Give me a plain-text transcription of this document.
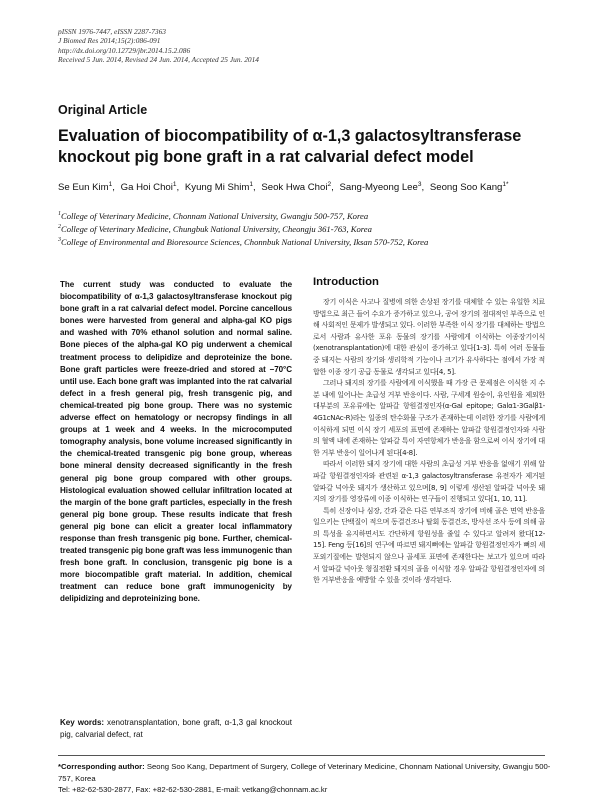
pISSN 1976-7447, eISSN 2287-7363
J Biomed Res 2014;15(2):086-091
http://dx.doi.org/10.12729/jbr.2014.15.2.086
Received 5 Jun. 2014, Revised 24 Jun. 2014, Accepted 25 Jun. 2014
Original Article
Evaluation of biocompatibility of α-1,3 galactosyltransferase knockout pig bone graft in a rat calvarial defect model
Se Eun Kim$^1$, Ga Hoi Choi$^1$, Kyung Mi Shim$^1$, Seok Hwa Choi$^2$, Sang-Myeong Lee$^3$, Seong Soo Kang$^{1*}$
$^1$College of Veterinary Medicine, Chonnam National University, Gwangju 500-757, Korea
$^2$College of Veterinary Medicine, Chungbuk National University, Cheongju 361-763, Korea
$^3$College of Environmental and Bioresource Sciences, Chonnbuk National University, Iksan 570-752, Korea
The current study was conducted to evaluate the biocompatibility of α-1,3 galactosyltransferase knockout pig bone graft in a rat calvarial defect model. Porcine cancellous bones were harvested from general and alpha-gal KO pigs and washed with 70% ethanol solution and normal saline. Bone pieces of the alpha-gal KO pig underwent a chemical treatment process to delipidize and deproteinize the bone. Bone graft particles were freeze-dried and stored at −70°C until use. Each bone graft was implanted into the rat calvarial defect in a fresh general pig, fresh transgenic pig, and chemical-treated pig bone group. There was no systemic adverse effect on hematology or necropsy findings in all groups at 1 week and 4 weeks. In the microcomputed tomography analysis, bone volume increased significantly in the chemical-treated transgenic pig bone group, whereas bone mineral density decreased significantly in the fresh general pig bone group compared with other groups. Histological evaluation showed cellular infiltration located at the margin of the bone graft particles, especially in the fresh general pig bone group. These results indicate that fresh general pig bone can elicit a greater local inflammatory response than fresh transgenic pig bone. Further, chemical-treated transgenic pig bone graft was less immunogenic than fresh bone graft. In conclusion, transgenic pig bone is a more biocompatible graft material. In addition, chemical treatment can reduce bone graft immunogenicity by delipidizing and deproteinizing bone.
Key words: xenotransplantation, bone graft, α-1,3 gal knockout pig, calvarial defect, rat
Introduction

장기 이식은 사고나 질병에 의한 손상된 장기를 대체할 수 있는 유일한 치료 방법으로 최근 들어 수요가 증가하고 있으나, 공여 장기의 절대적인 부족으로 인해 사회적인 문제가 발생되고 있다. 이러한 부족한 이식 장기를 대체하는 방법으로서 사람과 유사한 포유 동물의 장기를 사람에게 이식하는 이종장기이식(xenotransplantation)에 대한 관심이 증가하고 있다[1-3]. 특히 여러 동물들 중 돼지는 사람의 장기와 생리학적 기능이나 크기가 유사하다는 점에서 가장 적합한 이종 장기 공급 동물로 생각되고 있다[4, 5].

그러나 돼지의 장기를 사람에게 이식했을 때 가장 큰 문제점은 이식한 지 수 분 내에 일어나는 초급성 거부 반응이다. 사람, 구세계 원숭이, 유인원을 제외한 대부분의 포유류에는 알파갈 항원결정인자(α-Gal epitope; Galα1-3Galβ1-4G1cNAc-R)라는 일종의 탄수화물 구조가 존재하는데 이러한 장기를 사람에게 이식하게 되면 이식 장기 세포의 표면에 존재하는 알파갈 항원결정인자와 사람의 혈액 내에 존재하는 알파갈 특이 자연항체가 반응을 함으로써 이식 장기에 대한 거부 반응이 일어나게 된다[4-8].

따라서 이러한 돼지 장기에 대한 사람의 초급성 거부 반응을 없애기 위해 알파갈 항원결정인자와 관련된 α-1,3 galactosyltransferase 유전자가 제거된 알파갈 넉아웃 돼지가 생산하고 있으며[8, 9] 이렇게 생산된 알파갈 넉아웃 돼지의 장기를 영장류에 이종 이식하는 연구들이 진행되고 있다[1, 10, 11].

특히 신장이나 심장, 간과 같은 다른 연부조직 장기에 비해 골은 면역 반응을 일으키는 단백질이 적으며 동결건조나 탈회 동결건조, 방사선 조사 등에 의해 골의 특성을 유지하면서도 간단하게 항원성을 줄일 수 있다고 알려져 왔다[12-15]. Feng 등[16]의 연구에 따르면 돼지뼈에는 알파갈 항원결정인자가 뼈의 세포외기질에는 발현되지 않으나 골세포 표면에 존재한다는 보고가 있으며 따라서 알파갈 넉아웃 형질전환 돼지의 골을 이식할 경우 알파갈 항원결정인자에 의한 거부반응을 예방할 수 있을 것이라 생각된다.

*Corresponding author: Seong Soo Kang, Department of Surgery, College of Veterinary Medicine, Chonnam National University, Gwangju 500-757, Korea
Tel: +82-62-530-2877, Fax: +82-62-530-2881, E-mail: vetkang@chonnam.ac.kr
